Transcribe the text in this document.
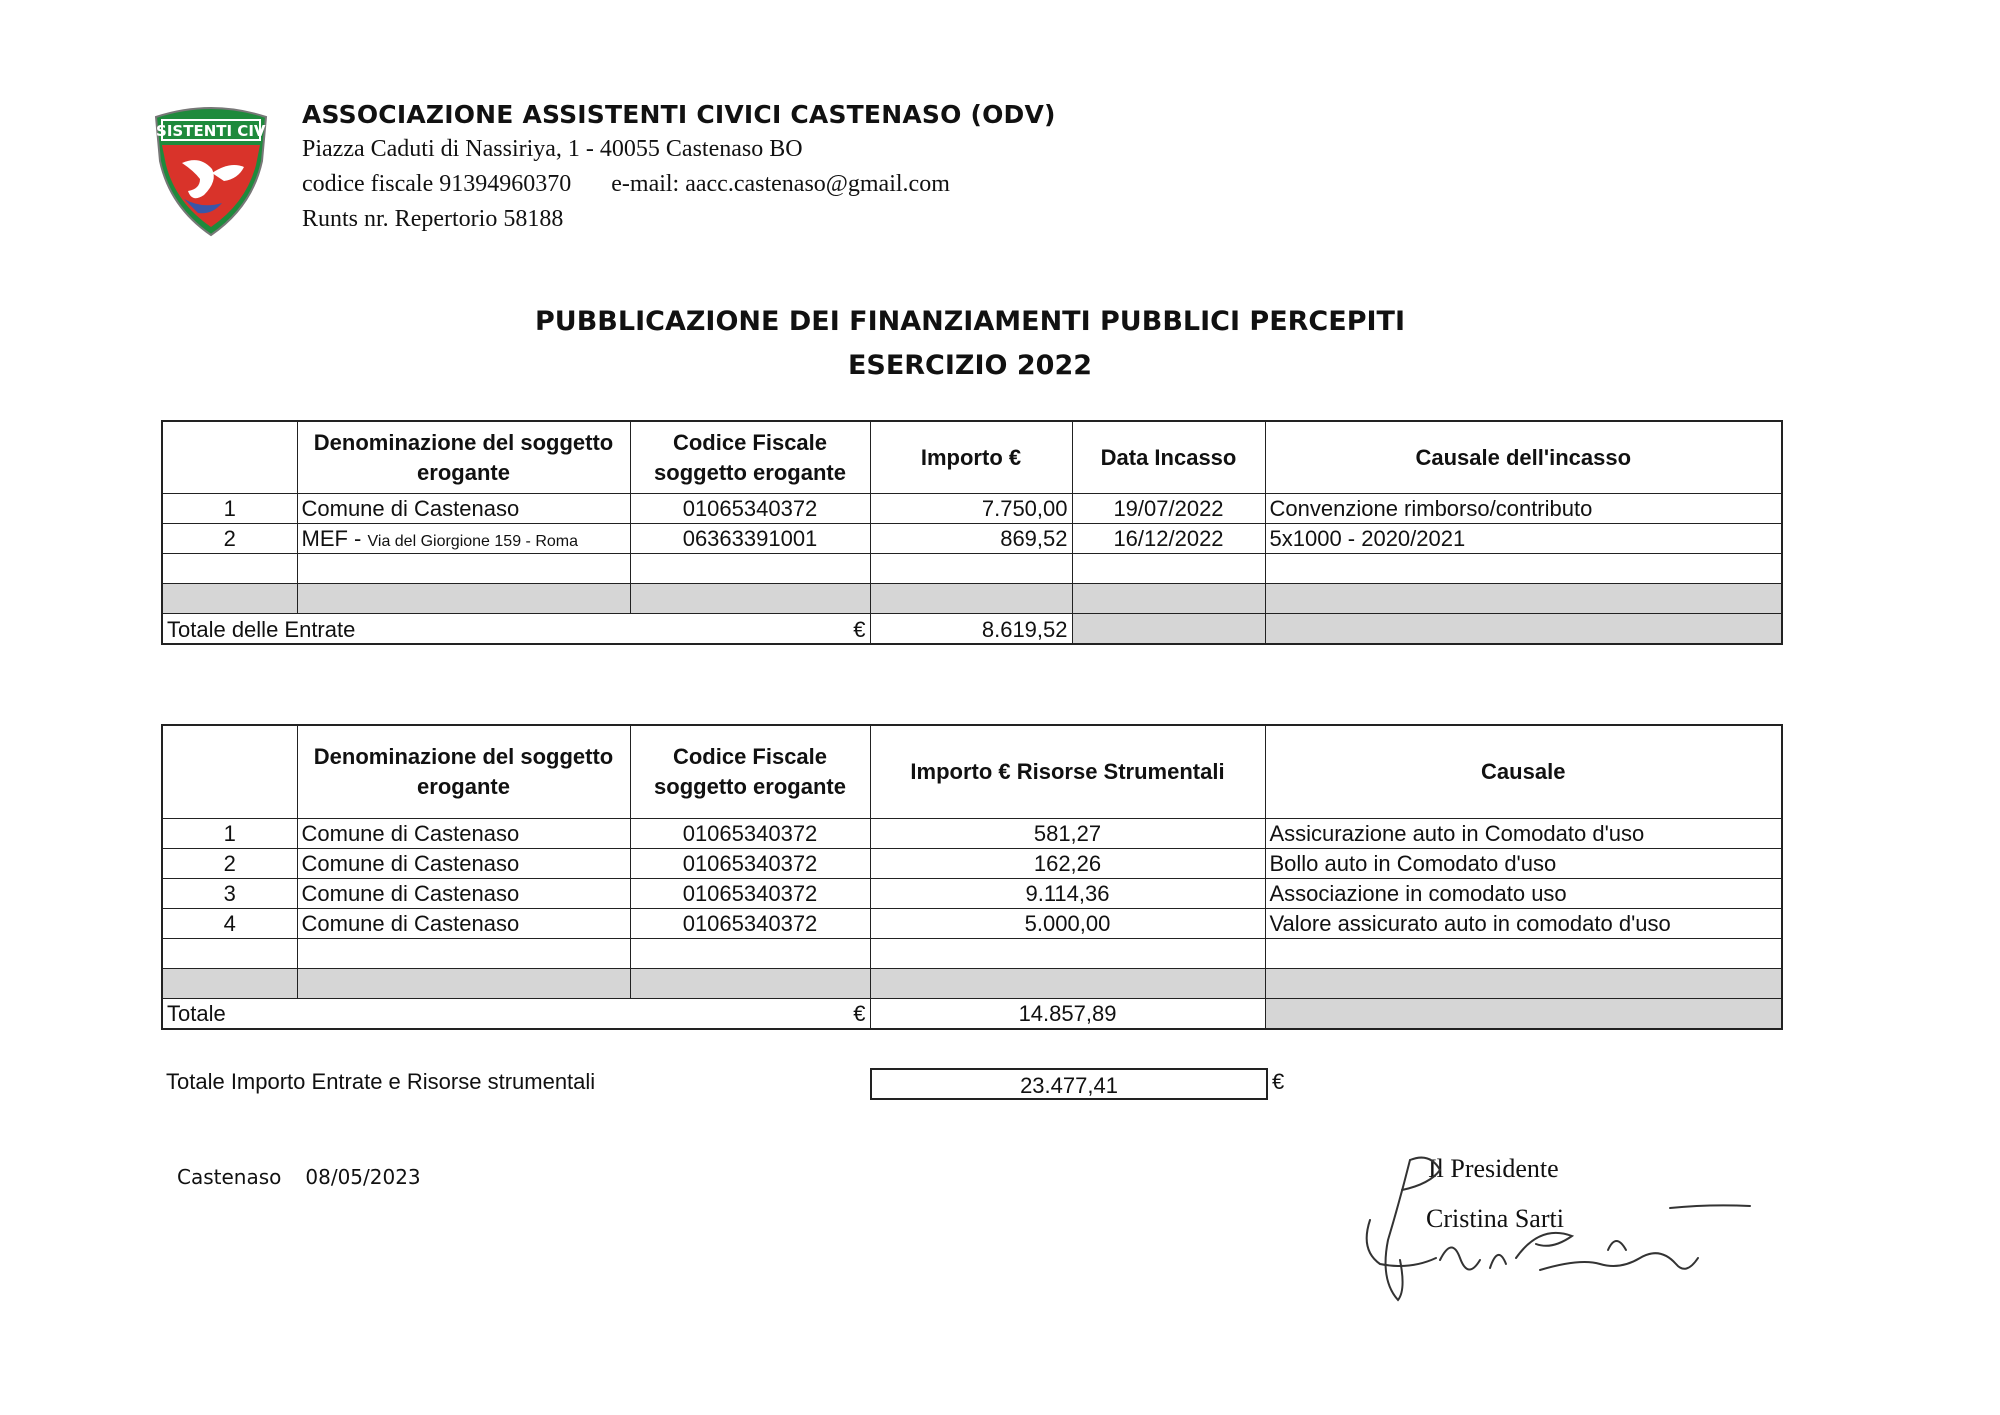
ASSISTENTI CIVICI
ASSOCIAZIONE ASSISTENTI CIVICI CASTENASO (ODV)
Piazza Caduti di Nassiriya, 1 - 40055 Castenaso BO
codice fiscale 91394960370 e-mail: aacc.castenaso@gmail.com
Runts nr. Repertorio 58188
PUBBLICAZIONE DEI FINANZIAMENTI PUBBLICI PERCEPITI
ESERCIZIO 2022
	Denominazione del soggetto erogante	Codice Fiscale soggetto erogante	Importo €	Data Incasso	Causale dell'incasso
1	Comune di Castenaso	01065340372	7.750,00	19/07/2022	Convenzione rimborso/contributo
2	MEF - Via del Giorgione 159 - Roma	06363391001	869,52	16/12/2022	5x1000 - 2020/2021

Totale delle Entrate		€	8.619,52		
	Denominazione del soggetto erogante	Codice Fiscale soggetto erogante	Importo € Risorse Strumentali	Causale
1	Comune di Castenaso	01065340372	581,27	Assicurazione auto in Comodato d'uso
2	Comune di Castenaso	01065340372	162,26	Bollo auto in Comodato d'uso
3	Comune di Castenaso	01065340372	9.114,36	Associazione in comodato uso
4	Comune di Castenaso	01065340372	5.000,00	Valore assicurato auto in comodato d'uso

Totale		€	14.857,89	
Totale Importo Entrate e Risorse strumentali	23.477,41	€
Castenaso 08/05/2023	Il Presidente
Cristina Sarti
